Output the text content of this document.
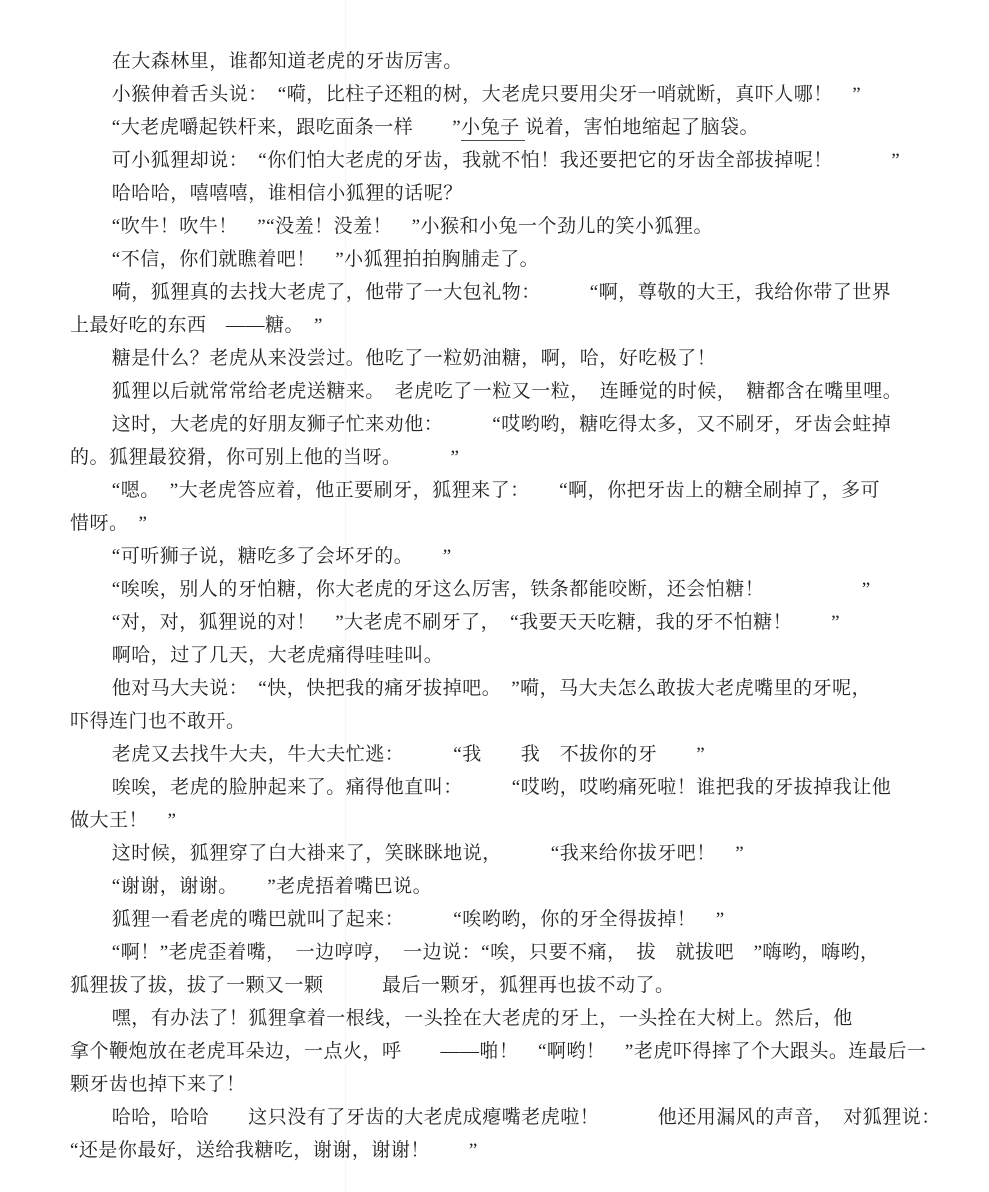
在大森林里，谁都知道老虎的牙齿厉害。
小猴伸着舌头说：　“嗬，比柱子还粗的树，大老虎只要用尖牙一哨就断，真吓人哪！　”
“大老虎嚼起铁杆来，跟吃面条一样　　”小兔子 说着，害怕地缩起了脑袋。
可小狐狸却说：　“你们怕大老虎的牙齿，我就不怕！我还要把它的牙齿全部拔掉呢！　　　”
哈哈哈，嘻嘻嘻，谁相信小狐狸的话呢？
“吹牛！吹牛！　”“没羞！没羞！　”小猴和小兔一个劲儿的笑小狐狸。
“不信，你们就瞧着吧！　”小狐狸拍拍胸脯走了。
嗬，狐狸真的去找大老虎了，他带了一大包礼物：　　　“啊，尊敬的大王，我给你带了世界
上最好吃的东西　——糖。　”
糖是什么？老虎从来没尝过。他吃了一粒奶油糖，啊，哈，好吃极了！
狐狸以后就常常给老虎送糖来。　老虎吃了一粒又一粒，　连睡觉的时候，　糖都含在嘴里哩。
这时，大老虎的好朋友狮子忙来劝他：　　　“哎哟哟，糖吃得太多，又不刷牙，牙齿会蛀掉
的。狐狸最狡猾，你可别上他的当呀。　　　”
“嗯。　”大老虎答应着，他正要刷牙，狐狸来了：　　“啊，你把牙齿上的糖全刷掉了，多可
惜呀。　”
“可听狮子说，糖吃多了会坏牙的。　　”
“唉唉，别人的牙怕糖，你大老虎的牙这么厉害，铁条都能咬断，还会怕糖！　　　　　”
“对，对，狐狸说的对！　”大老虎不刷牙了，　“我要天天吃糖，我的牙不怕糖！　　”
啊哈，过了几天，大老虎痛得哇哇叫。
他对马大夫说：　“快，快把我的痛牙拔掉吧。　”嗬，马大夫怎么敢拔大老虎嘴里的牙呢，
吓得连门也不敢开。
老虎又去找牛大夫，牛大夫忙逃：　　　“我　　我　不拔你的牙　　”
唉唉，老虎的脸肿起来了。痛得他直叫：　　　“哎哟，哎哟痛死啦！谁把我的牙拔掉我让他
做大王！　”
这时候，狐狸穿了白大褂来了，笑眯眯地说，　　　“我来给你拔牙吧！　”
“谢谢，谢谢。　　”老虎捂着嘴巴说。
狐狸一看老虎的嘴巴就叫了起来：　　　“唉哟哟，你的牙全得拔掉！　”
“啊！”老虎歪着嘴，　一边哼哼，　一边说：“唉，只要不痛，　拔　就拔吧　”嗨哟，嗨哟，
狐狸拔了拔，拔了一颗又一颗　　　最后一颗牙，狐狸再也拔不动了。
嘿，有办法了！狐狸拿着一根线，一头拴在大老虎的牙上，一头拴在大树上。然后，他
拿个鞭炮放在老虎耳朵边，一点火，呼　　——啪！　“啊哟！　”老虎吓得摔了个大跟头。连最后一
颗牙齿也掉下来了！
哈哈，哈哈　　这只没有了牙齿的大老虎成瘪嘴老虎啦！　　　他还用漏风的声音，　对狐狸说：
“还是你最好，送给我糖吃，谢谢，谢谢！　　”
